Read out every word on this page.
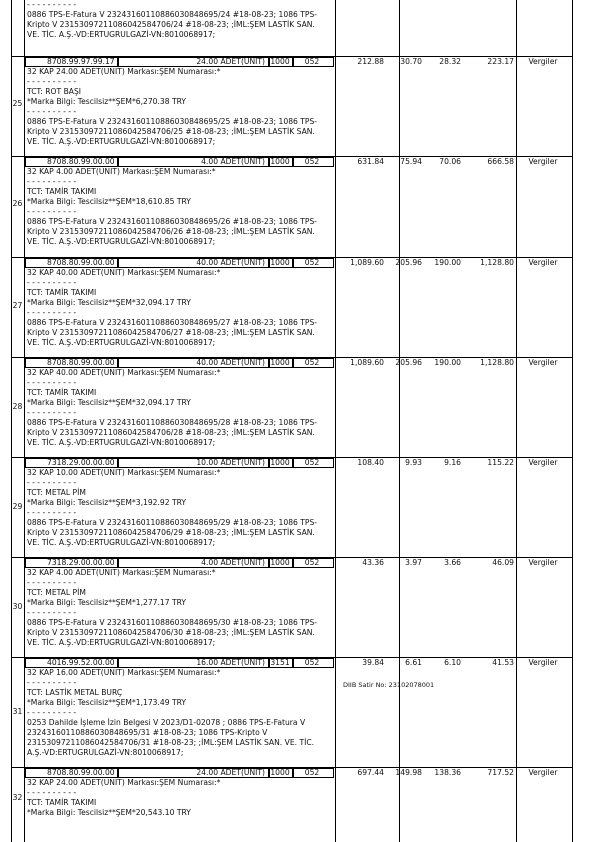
- - - - - - - - - -
0886 TPS-E-Fatura V 2324316011088603084869​5/24 #18-08-23; 1086 TPS-
Kripto V 2315309721108604258470​6/24 #18-08-23; ;İML:ŞEM LASTİK SAN.
VE. TİC. A.Ş.-VD:ERTUGRULGAZİ-VN:8010068917;
25
32 KAP 24.00 ADET(UNIT) Markası:ŞEM Numarası:*
- - - - - - - - - -
TCT: ROT BAŞI
*Marka Bilgi: Tescilsiz**ŞEM*6,270.38 TRY
- - - - - - - - - -
0886 TPS-E-Fatura V 23243160110886030848695/25 #18-08-23; 1086 TPS-
Kripto V 23153097211086042584706/25 #18-08-23; ;İML:ŞEM LASTİK SAN.
VE. TİC. A.Ş.-VD:ERTUGRULGAZİ-VN:8010068917;
8708.99.97.99.17	24.00 ADET(UNIT) 1000	052	212.88	30.70	28.32	223.17	Vergiler
26
32 KAP 4.00 ADET(UNIT) Markası:ŞEM Numarası:*
- - - - - - - - - -
TCT: TAMİR TAKIMI
*Marka Bilgi: Tescilsiz**ŞEM*18,610.85 TRY
- - - - - - - - - -
0886 TPS-E-Fatura V 23243160110886030848695/26 #18-08-23; 1086 TPS-
Kripto V 23153097211086042584706/26 #18-08-23; ;İML:ŞEM LASTİK SAN.
VE. TİC. A.Ş.-VD:ERTUGRULGAZİ-VN:8010068917;
8708.80.99.00.00	4.00 ADET(UNIT) 1000	052	631.84	75.94	70.06	666.58	Vergiler
27
32 KAP 40.00 ADET(UNIT) Markası:ŞEM Numarası:*
- - - - - - - - - -
TCT: TAMİR TAKIMI
*Marka Bilgi: Tescilsiz**ŞEM*32,094.17 TRY
- - - - - - - - - -
0886 TPS-E-Fatura V 23243160110886030848695/27 #18-08-23; 1086 TPS-
Kripto V 23153097211086042584706/27 #18-08-23; ;İML:ŞEM LASTİK SAN.
VE. TİC. A.Ş.-VD:ERTUGRULGAZİ-VN:8010068917;
8708.80.99.00.00	40.00 ADET(UNIT) 1000	052	1,089.60	205.96	190.00	1,128.80	Vergiler
28
32 KAP 40.00 ADET(UNIT) Markası:ŞEM Numarası:*
- - - - - - - - - -
TCT: TAMİR TAKIMI
*Marka Bilgi: Tescilsiz**ŞEM*32,094.17 TRY
- - - - - - - - - -
0886 TPS-E-Fatura V 23243160110886030848695/28 #18-08-23; 1086 TPS-
Kripto V 23153097211086042584706/28 #18-08-23; ;İML:ŞEM LASTİK SAN.
VE. TİC. A.Ş.-VD:ERTUGRULGAZİ-VN:8010068917;
8708.80.99.00.00	40.00 ADET(UNIT) 1000	052	1,089.60	205.96	190.00	1,128.80	Vergiler
29
32 KAP 10.00 ADET(UNIT) Markası:ŞEM Numarası:*
- - - - - - - - - -
TCT: METAL PİM
*Marka Bilgi: Tescilsiz**ŞEM*3,192.92 TRY
- - - - - - - - - -
0886 TPS-E-Fatura V 23243160110886030848695/29 #18-08-23; 1086 TPS-
Kripto V 23153097211086042584706/29 #18-08-23; ;İML:ŞEM LASTİK SAN.
VE. TİC. A.Ş.-VD:ERTUGRULGAZİ-VN:8010068917;
7318.29.00.00.00	10.00 ADET(UNIT) 1000	052	108.40	9.93	9.16	115.22	Vergiler
30
32 KAP 4.00 ADET(UNIT) Markası:ŞEM Numarası:*
- - - - - - - - - -
TCT: METAL PİM
*Marka Bilgi: Tescilsiz**ŞEM*1,277.17 TRY
- - - - - - - - - -
0886 TPS-E-Fatura V 23243160110886030848695/30 #18-08-23; 1086 TPS-
Kripto V 23153097211086042584706/30 #18-08-23; ;İML:ŞEM LASTİK SAN.
VE. TİC. A.Ş.-VD:ERTUGRULGAZİ-VN:8010068917;
7318.29.00.00.00	4.00 ADET(UNIT) 1000	052	43.36	3.97	3.66	46.09	Vergiler
31
32 KAP 16.00 ADET(UNIT) Markası:ŞEM Numarası:*
- - - - - - - - - -
TCT: LASTİK METAL BURÇ
*Marka Bilgi: Tescilsiz**ŞEM*1,173.49 TRY
- - - - - - - - - -
0253 Dahilde İşleme İzin Belgesi V 2023/D1-02078 ; 0886 TPS-E-Fatura V
23243160110886030848695/31 #18-08-23; 1086 TPS-Kripto V
23153097211086042584706/31 #18-08-23; ;İML:ŞEM LASTİK SAN. VE. TİC.
A.Ş.-VD:ERTUGRULGAZİ-VN:8010068917;
4016.99.52.00.00	16.00 ADET(UNIT) 3151	052	39.84	6.61	6.10	41.53	Vergiler
DIIB Satir No: 23102078001
32
32 KAP 24.00 ADET(UNIT) Markası:ŞEM Numarası:*
- - - - - - - - - -
TCT: TAMİR TAKIMI
*Marka Bilgi: Tescilsiz**ŞEM*20,543.10 TRY
8708.80.99.00.00	24.00 ADET(UNIT) 1000	052	697.44	149.98	138.36	717.52	Vergiler
